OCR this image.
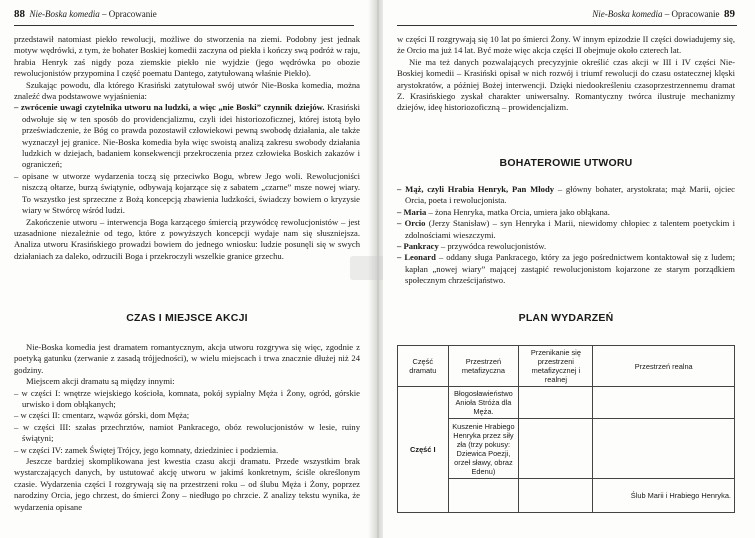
88 Nie-Boska komedia – Opracowanie

przedstawił natomiast piekło rewolucji, możliwe do stworzenia na ziemi. Podobny jest jednak motyw wędrówki, z tym, że bohater Boskiej komedii zaczyna od piekła i kończy swą podróż w raju, hrabia Henryk zaś nigdy poza ziemskie piekło nie wyjdzie (jego wędrówka po obozie rewolucjonistów przypomina I część poematu Dantego, zatytułowaną właśnie Piekło).

Szukając powodu, dla którego Krasiński zatytułował swój utwór Nie-Boska komedia, można znaleźć dwa podstawowe wyjaśnienia:

– zwrócenie uwagi czytelnika utworu na ludzki, a więc „nie Boski” czynnik dziejów. Krasiński odwołuje się w ten sposób do providencjalizmu, czyli idei historiozoficznej, której istotą było przeświadczenie, że Bóg co prawda pozostawił człowiekowi pewną swobodę działania, ale także wyznaczył jej granice. Nie-Boska komedia była więc swoistą analizą zakresu swobody działania ludzkich w dziejach, badaniem konsekwencji przekroczenia przez człowieka Boskich zakazów i ograniczeń;

– opisane w utworze wydarzenia toczą się przeciwko Bogu, wbrew Jego woli. Rewolucjoniści niszczą ołtarze, burzą świątynie, odbywają kojarzące się z sabatem „czarne” msze nowej wiary. To wszystko jest sprzeczne z Bożą koncepcją zbawienia ludzkości, świadczy bowiem o kryzysie wiary w Stwórcę wśród ludzi.

Zakończenie utworu – interwencja Boga karzącego śmiercią przywódcę rewolucjonistów – jest uzasadnione niezależnie od tego, które z powyższych koncepcji wydaje nam się słuszniejsza. Analiza utworu Krasińskiego prowadzi bowiem do jednego wniosku: ludzie posunęli się w swych działaniach za daleko, odrzucili Boga i przekroczyli wszelkie granice grzechu.

CZAS I MIEJSCE AKCJI

Nie-Boska komedia jest dramatem romantycznym, akcja utworu rozgrywa się więc, zgodnie z poetyką gatunku (zerwanie z zasadą trójjedności), w wielu miejscach i trwa znacznie dłużej niż 24 godziny.

Miejscem akcji dramatu są między innymi:

– w części I: wnętrze wiejskiego kościoła, komnata, pokój sypialny Męża i Żony, ogród, górskie urwisko i dom obłąkanych;

– w części II: cmentarz, wąwóz górski, dom Męża;

– w części III: szałas przechrztów, namiot Pankracego, obóz rewolucjonistów w lesie, ruiny świątyni;

– w części IV: zamek Świętej Trójcy, jego komnaty, dziedziniec i podziemia.

Jeszcze bardziej skomplikowana jest kwestia czasu akcji dramatu. Przede wszystkim brak wystarczających danych, by ustutować akcję utworu w jakimś konkretnym, ściśle określonym czasie. Wydarzenia części I rozgrywają się na przestrzeni roku – od ślubu Męża i Żony, poprzez narodziny Orcia, jego chrzest, do śmierci Żony – niedługo po chrzcie. Z analizy tekstu wynika, że wydarzenia opisane

Nie-Boska komedia – Opracowanie 89

w części II rozgrywają się 10 lat po śmierci Żony. W innym epizodzie II części dowiadujemy się, że Orcio ma już 14 lat. Być może więc akcja części II obejmuje około czterech lat.

Nie ma też danych pozwalających precyzyjnie określić czas akcji w III i IV części Nie-Boskiej komedii – Krasiński opisał w nich rozwój i triumf rewolucji do czasu ostatecznej klęski arystokratów, a później Bożej interwencji. Dzięki niedookreśleniu czasoprzestrzennemu dramat Z. Krasińskiego zyskał charakter uniwersalny. Romantyczny twórca ilustruje mechanizmy dziejów, ideę historiozoficzną – prowidencjalizm.

BOHATEROWIE UTWORU

– Mąż, czyli Hrabia Henryk, Pan Młody – główny bohater, arystokrata; mąż Marii, ojciec Orcia, poeta i rewolucjonista.

– Maria – żona Henryka, matka Orcia, umiera jako obłąkana.

– Orcio (Jerzy Stanisław) – syn Henryka i Marii, niewidomy chłopiec z talentem poetyckim i zdolnościami wieszczymi.

– Pankracy – przywódca rewolucjonistów.

– Leonard – oddany sługa Pankracego, który za jego pośrednictwem kontaktował się z ludem; kapłan „nowej wiary” mającej zastąpić rewolucjonistom kojarzone ze starym porządkiem społecznym chrześcijaństwo.

PLAN WYDARZEŃ
Część dramatu	Przestrzeń metafizyczna	Przenikanie się przestrzeni metafizycznej i realnej	Przestrzeń realna
Część I	Błogosławieństwo Anioła Stróża dla Męża.		
	Kuszenie Hrabiego Henryka przez siły zła (trzy pokusy: Dziewica Poezji, orzeł sławy, obraz Edenu)		
			Ślub Marii i Hrabiego Henryka.
